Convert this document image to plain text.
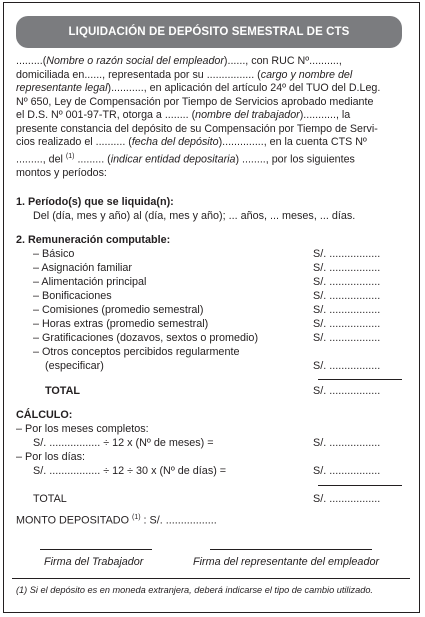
LIQUIDACIÓN DE DEPÓSITO SEMESTRAL DE CTS
.........(Nombre o razón social del empleador)......, con RUC Nº..........,
domiciliada en......, representada por su ................ (cargo y nombre del
representante legal)..........., en aplicación del artículo 24º del TUO del D.Leg.
Nº 650, Ley de Compensación por Tiempo de Servicios aprobado mediante
el D.S. Nº 001-97-TR, otorga a ........ (nombre del trabajador)..........., la
presente constancia del depósito de su Compensación por Tiempo de Servi-
cios realizado el .......... (fecha del depósito).............., en la cuenta CTS Nº
........., del $^{(1)}$ ......... (indicar entidad depositaria) ........, por los siguientes
montos y períodos:
1. Período(s) que se liquida(n):
Del (día, mes y año) al (día, mes y año); ... años, ... meses, ... días.
2. Remuneración computable:
– Básico	S/. .................
– Asignación familiar	S/. .................
– Alimentación principal	S/. .................
– Bonificaciones	S/. .................
– Comisiones (promedio semestral)	S/. .................
– Horas extras (promedio semestral)	S/. .................
– Gratificaciones (dozavos, sextos o promedio)	S/. .................
– Otros conceptos percibidos regularmente
(especificar)	S/. .................
TOTAL	S/. .................
CÁLCULO:
– Por los meses completos:
S/. ................. ÷ 12 x (Nº de meses) =	S/. .................
– Por los días:
S/. ................. ÷ 12 ÷ 30 x (Nº de días) =	S/. .................
TOTAL	S/. .................
MONTO DEPOSITADO $^{(1)}$ : S/. .................
Firma del Trabajador	Firma del representante del empleador
(1) Si el depósito es en moneda extranjera, deberá indicarse el tipo de cambio utilizado.
